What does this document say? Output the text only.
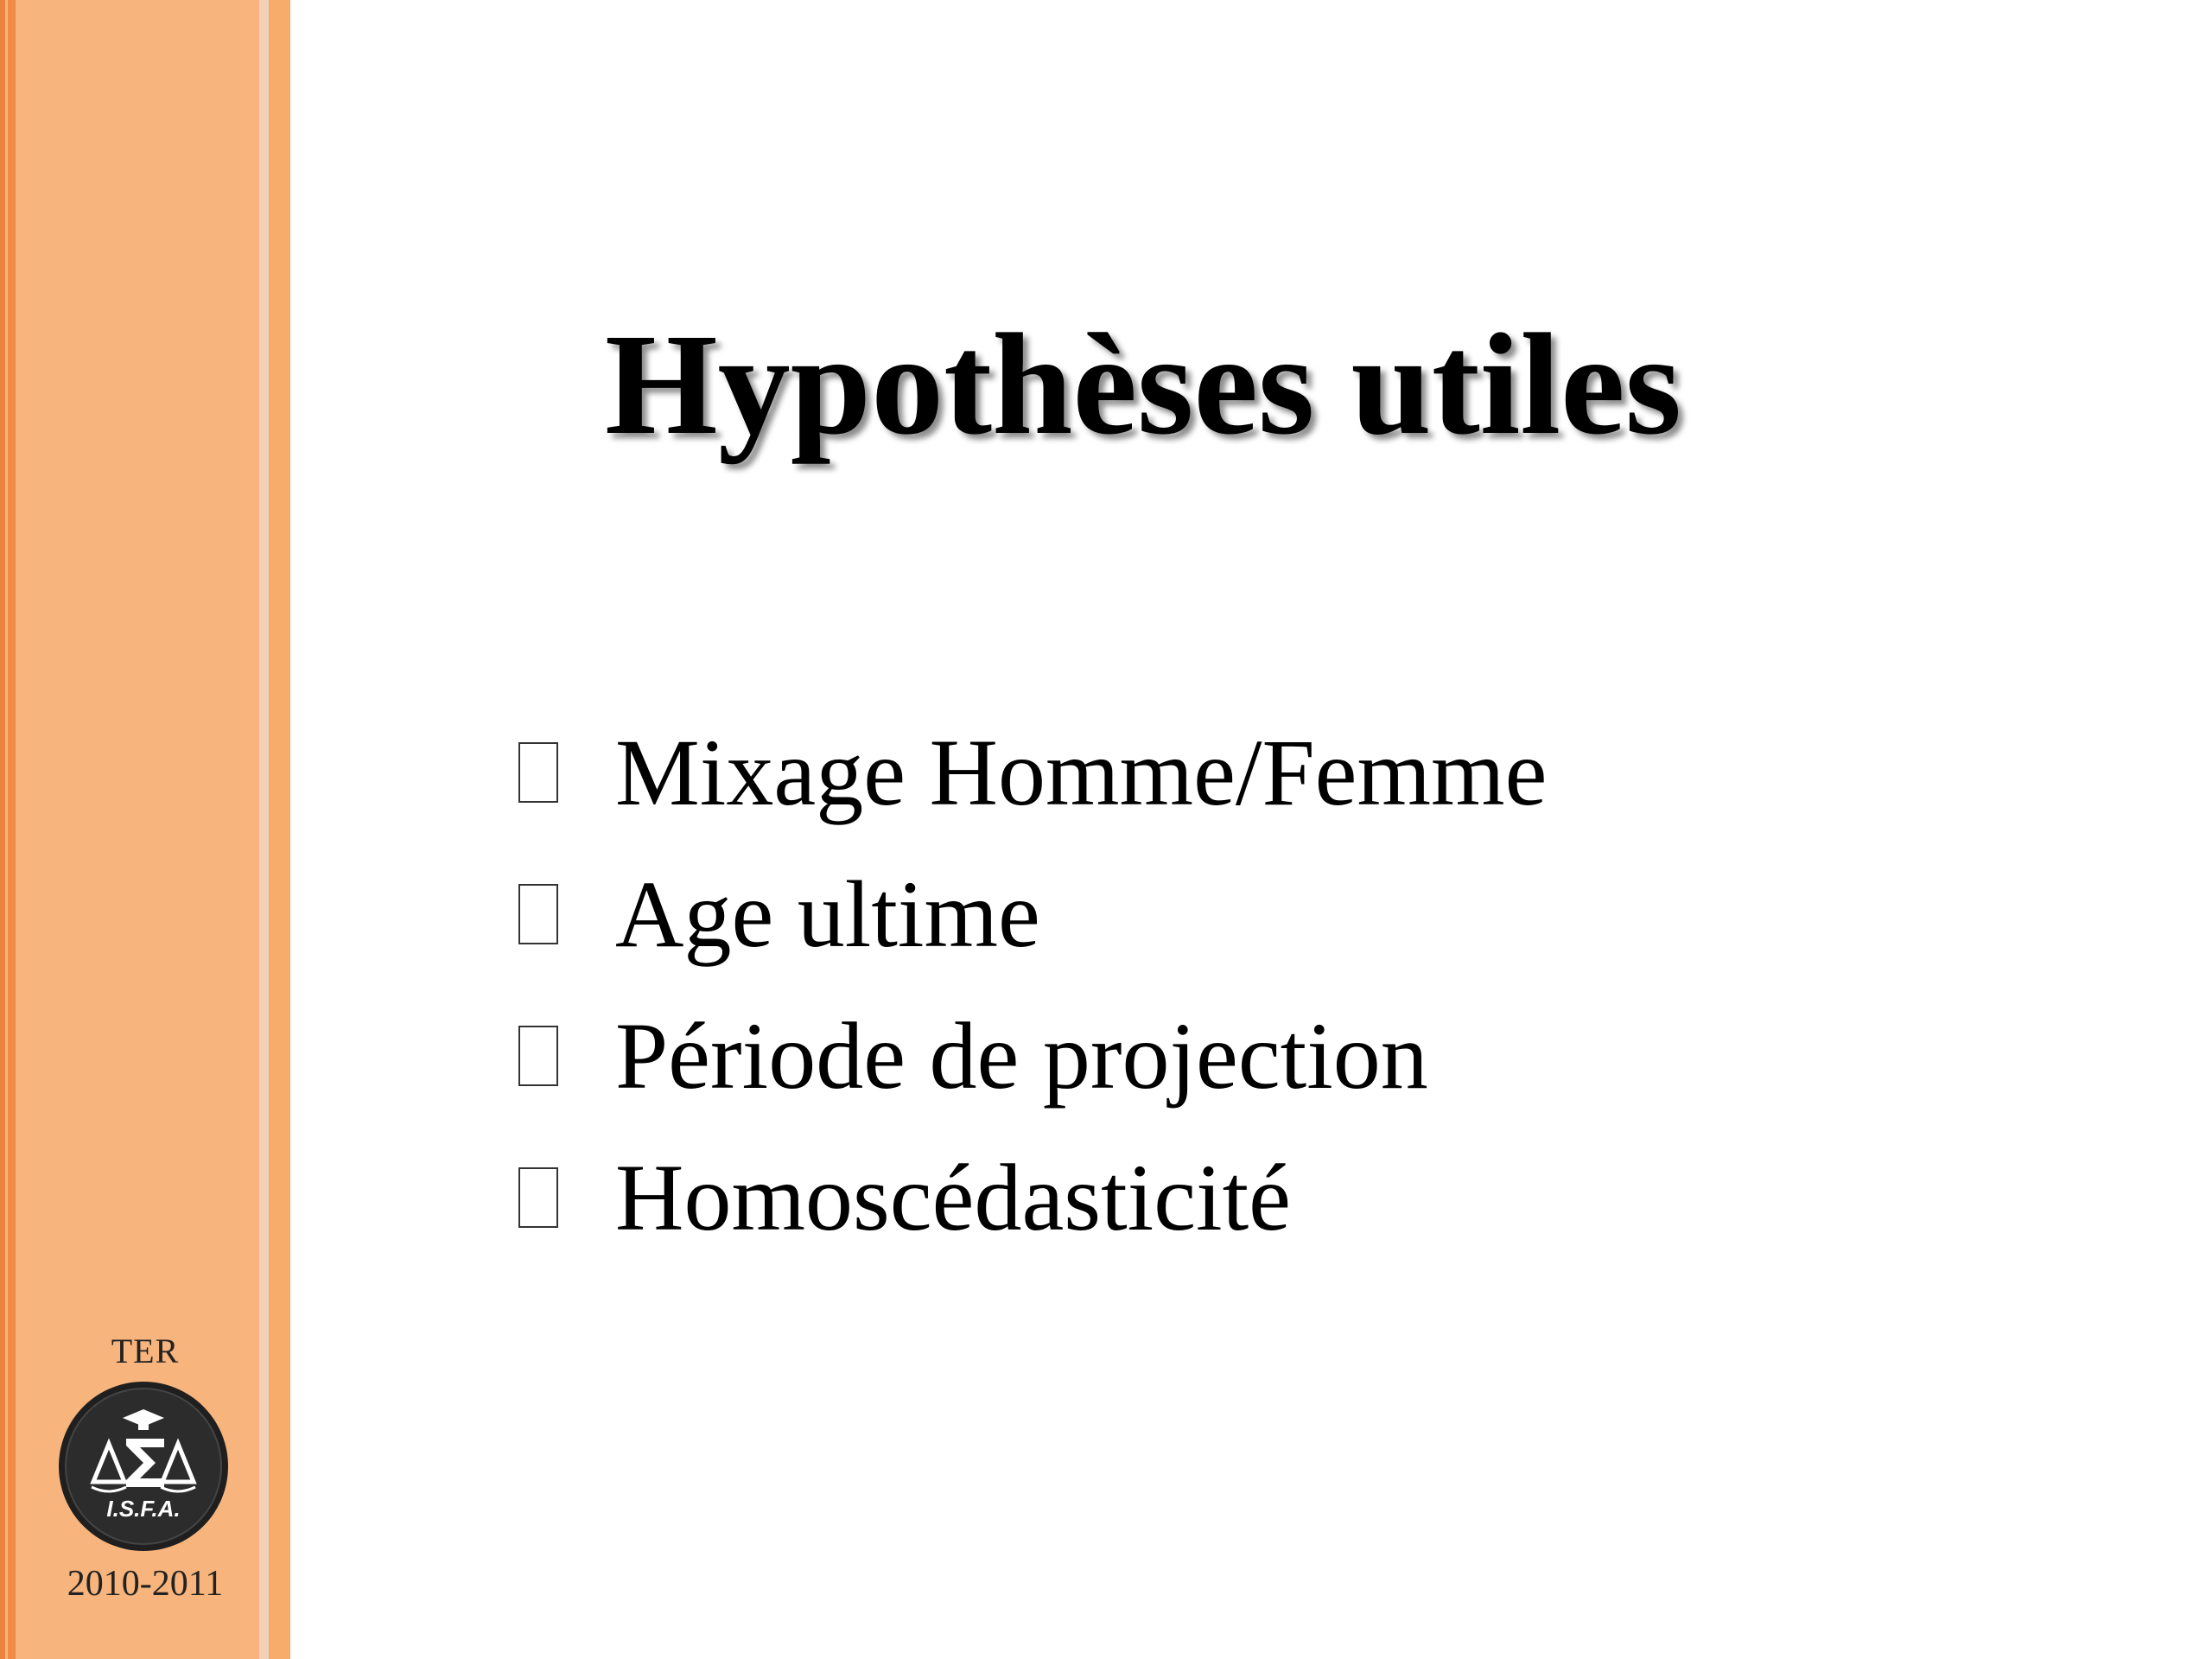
TER
I.S.F.A.
2010-2011
Hypothèses utiles
Mixage Homme/Femme
Age ultime
Période de projection
Homoscédasticité
